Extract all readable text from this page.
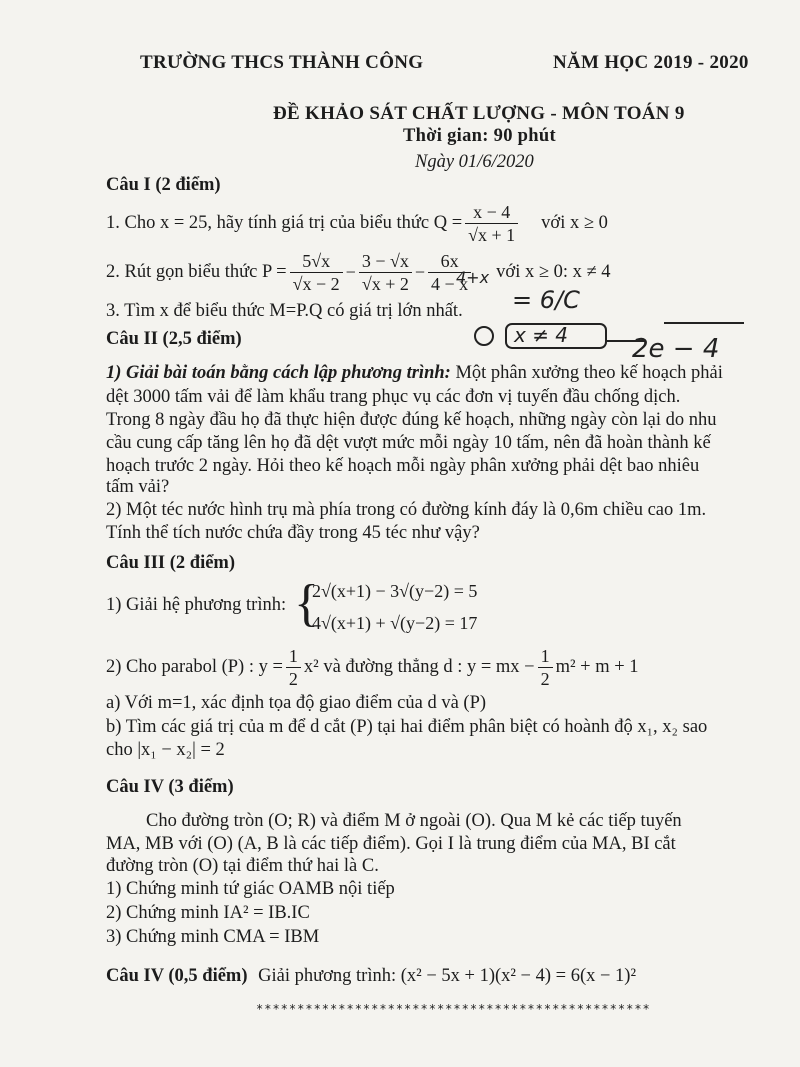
TRƯỜNG THCS THÀNH CÔNG	NĂM HỌC 2019 - 2020
ĐỀ KHẢO SÁT CHẤT LƯỢNG - MÔN TOÁN 9
Thời gian: 90 phút
Ngày 01/6/2020
Câu I (2 điểm)
1. Cho x = 25, hãy tính giá trị của biểu thức $Q = \frac{x - 4}{√x + 1}$ với x ≥ 0
2. Rút gọn biểu thức $P = \frac{5√x}{√x - 2} - \frac{3 - √x}{√x + 2} - \frac{6x}{4 - x}$ với x ≥ 0: x ≠ 4
3. Tìm x để biểu thức M=P.Q có giá trị lớn nhất.
Câu II (2,5 điểm)
1) Giải bài toán bằng cách lập phương trình: Một phân xưởng theo kế hoạch phải
dệt 3000 tấm vải để làm khẩu trang phục vụ các đơn vị tuyến đầu chống dịch.
Trong 8 ngày đầu họ đã thực hiện được đúng kế hoạch, những ngày còn lại do nhu
cầu cung cấp tăng lên họ đã dệt vượt mức mỗi ngày 10 tấm, nên đã hoàn thành kế
hoạch trước 2 ngày. Hỏi theo kế hoạch mỗi ngày phân xưởng phải dệt bao nhiêu
tấm vải?
2) Một téc nước hình trụ mà phía trong có đường kính đáy là 0,6m chiều cao 1m.
Tính thể tích nước chứa đầy trong 45 téc như vậy?
Câu III (2 điểm)
1) Giải hệ phương trình: {
2√(x+1) − 3√(y−2) = 5
4√(x+1) + √(y−2) = 17
2) Cho parabol (P) : $y = \frac{1}{2} x^2$ và đường thẳng d : y = mx − $\frac{1}{2} m^2 + m + 1$
a) Với m=1, xác định tọa độ giao điểm của d và (P)
b) Tìm các giá trị của m để d cắt (P) tại hai điểm phân biệt có hoành độ x₁, x₂ sao
cho |x₁ − x₂| = 2
Câu IV (3 điểm)
Cho đường tròn (O; R) và điểm M ở ngoài (O). Qua M kẻ các tiếp tuyến
MA, MB với (O) (A, B là các tiếp điểm). Gọi I là trung điểm của MA, BI cắt
đường tròn (O) tại điểm thứ hai là C.
1) Chứng minh tứ giác OAMB nội tiếp
2) Chứng minh IA² = IB.IC
3) Chứng minh CMA = IBM
Câu IV (0,5 điểm) Giải phương trình: (x² − 5x + 1)(x² − 4) = 6(x − 1)²
************************************************
= 6/C
x ≠ 4 2e − 4
4+x
